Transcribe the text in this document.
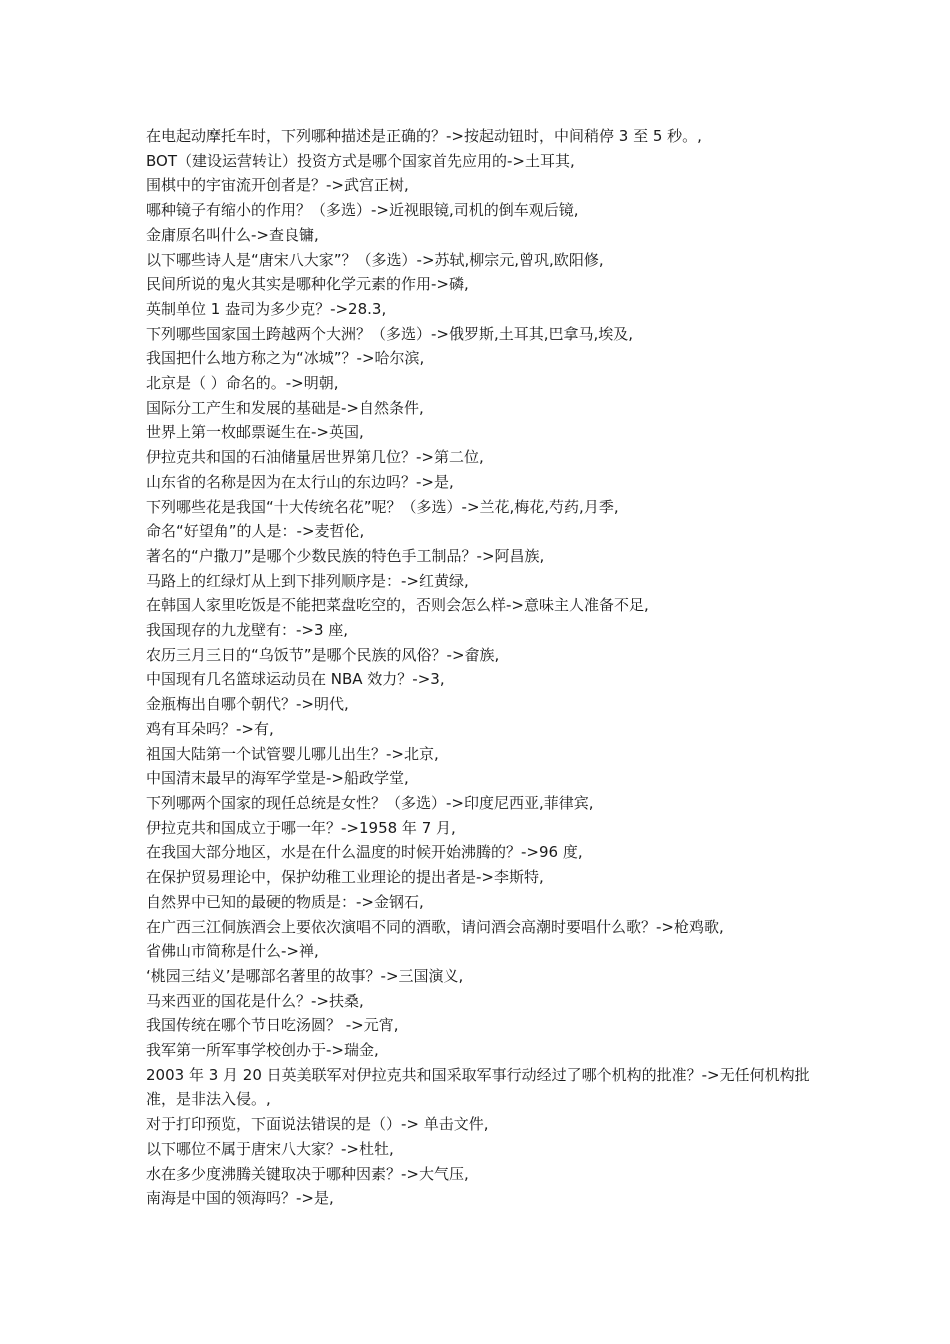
在电起动摩托车时，下列哪种描述是正确的？->按起动钮时，中间稍停 3 至 5 秒。,
BOT（建设运营转让）投资方式是哪个国家首先应用的->土耳其,
围棋中的宇宙流开创者是？->武宫正树,
哪种镜子有缩小的作用？（多选）->近视眼镜,司机的倒车观后镜,
金庸原名叫什么->查良镛,
以下哪些诗人是“唐宋八大家”？（多选）->苏轼,柳宗元,曾巩,欧阳修,
民间所说的鬼火其实是哪种化学元素的作用->磷,
英制单位 1 盎司为多少克？->28.3,
下列哪些国家国土跨越两个大洲？（多选）->俄罗斯,土耳其,巴拿马,埃及,
我国把什么地方称之为“冰城”？->哈尔滨,
北京是（ ）命名的。->明朝,
国际分工产生和发展的基础是->自然条件,
世界上第一枚邮票诞生在->英国,
伊拉克共和国的石油储量居世界第几位？->第二位,
山东省的名称是因为在太行山的东边吗？->是,
下列哪些花是我国“十大传统名花”呢？（多选）->兰花,梅花,芍药,月季,
命名“好望角”的人是：->麦哲伦,
著名的“户撒刀”是哪个少数民族的特色手工制品？->阿昌族,
马路上的红绿灯从上到下排列顺序是：->红黄绿,
在韩国人家里吃饭是不能把菜盘吃空的，否则会怎么样->意味主人准备不足,
我国现存的九龙壁有：->3 座,
农历三月三日的“乌饭节”是哪个民族的风俗？->畲族,
中国现有几名篮球运动员在 NBA 效力？->3,
金瓶梅出自哪个朝代？->明代,
鸡有耳朵吗？->有,
祖国大陆第一个试管婴儿哪儿出生？->北京,
中国清末最早的海军学堂是->船政学堂,
下列哪两个国家的现任总统是女性？（多选）->印度尼西亚,菲律宾,
伊拉克共和国成立于哪一年？->1958 年 7 月,
在我国大部分地区，水是在什么温度的时候开始沸腾的？->96 度,
在保护贸易理论中，保护幼稚工业理论的提出者是->李斯特,
自然界中已知的最硬的物质是：->金钢石,
在广西三江侗族酒会上要依次演唱不同的酒歌，请问酒会高潮时要唱什么歌？->枪鸡歌,
省佛山市简称是什么->禅,
‘桃园三结义’是哪部名著里的故事？->三国演义,
马来西亚的国花是什么？->扶桑,
我国传统在哪个节日吃汤圆？ ->元宵,
我军第一所军事学校创办于->瑞金,
2003 年 3 月 20 日英美联军对伊拉克共和国采取军事行动经过了哪个机构的批准？->无任何机构批准，是非法入侵。,
对于打印预览，下面说法错误的是（）-> 单击文件,
以下哪位不属于唐宋八大家？->杜牡,
水在多少度沸腾关键取决于哪种因素？->大气压,
南海是中国的领海吗？->是,
